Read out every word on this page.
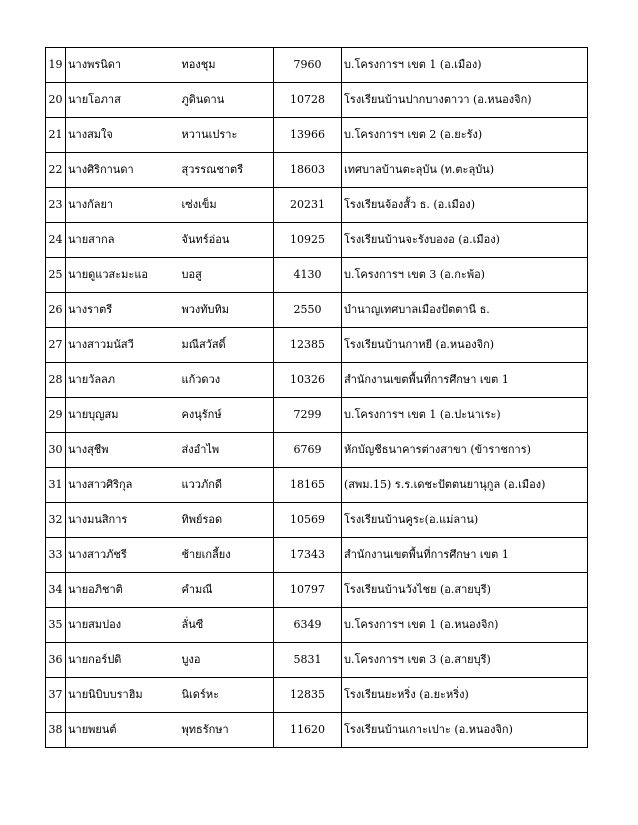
19	นางพรนิดา	ทองชุม	7960	บ.โครงการฯ เขต 1 (อ.เมือง)
20	นายโอภาส	ภูดินดาน	10728	โรงเรียนบ้านปากบางตาวา (อ.หนองจิก)
21	นางสมใจ	หวานเปราะ	13966	บ.โครงการฯ เขต 2 (อ.ยะรัง)
22	นางศิริกานดา	สุวรรณชาตรี	18603	เทศบาลบ้านตะลุบัน (ท.ตะลุบัน)
23	นางกัลยา	เซ่งเข็ม	20231	โรงเรียนจ้องสั้ว ธ. (อ.เมือง)
24	นายสากล	จันทร์อ่อน	10925	โรงเรียนบ้านจะรังบองอ (อ.เมือง)
25	นายดูแวสะมะแอ	บอสู	4130	บ.โครงการฯ เขต 3 (อ.กะพ้อ)
26	นางราตรี	พวงทับทิม	2550	บำนาญเทศบาลเมืองปัตตานี ธ.
27	นางสาวมนัสวี	มณีสวัสดิ์	12385	โรงเรียนบ้านกาหยี (อ.หนองจิก)
28	นายวัลลภ	แก้วดวง	10326	สำนักงานเขตพื้นที่การศึกษา เขต 1
29	นายบุญสม	คงนุรักษ์	7299	บ.โครงการฯ เขต 1 (อ.ปะนาเระ)
30	นางสุชีพ	ส่งอำไพ	6769	หักบัญชีธนาคารต่างสาขา (ข้าราชการ)
31	นางสาวศิริกุล	แววภักดี	18165	(สพม.15) ร.ร.เดชะปัตตนยานุกูล (อ.เมือง)
32	นางมนสิการ	ทิพย์รอด	10569	โรงเรียนบ้านคูระ(อ.แม่ลาน)
33	นางสาวภัชรี	ช้ายเกลี้ยง	17343	สำนักงานเขตพื้นที่การศึกษา เขต 1
34	นายอภิชาติ	คำมณี	10797	โรงเรียนบ้านวังไชย (อ.สายบุรี)
35	นายสมปอง	ลั่นซี	6349	บ.โครงการฯ เขต 1 (อ.หนองจิก)
36	นายกอร์ปดิ	บูงอ	5831	บ.โครงการฯ เขต 3 (อ.สายบุรี)
37	นายนิบิบบราฮิม	นิเดร์หะ	12835	โรงเรียนยะหริ่ง (อ.ยะหริ่ง)
38	นายพยนต์	พุทธรักษา	11620	โรงเรียนบ้านเกาะเปาะ (อ.หนองจิก)
